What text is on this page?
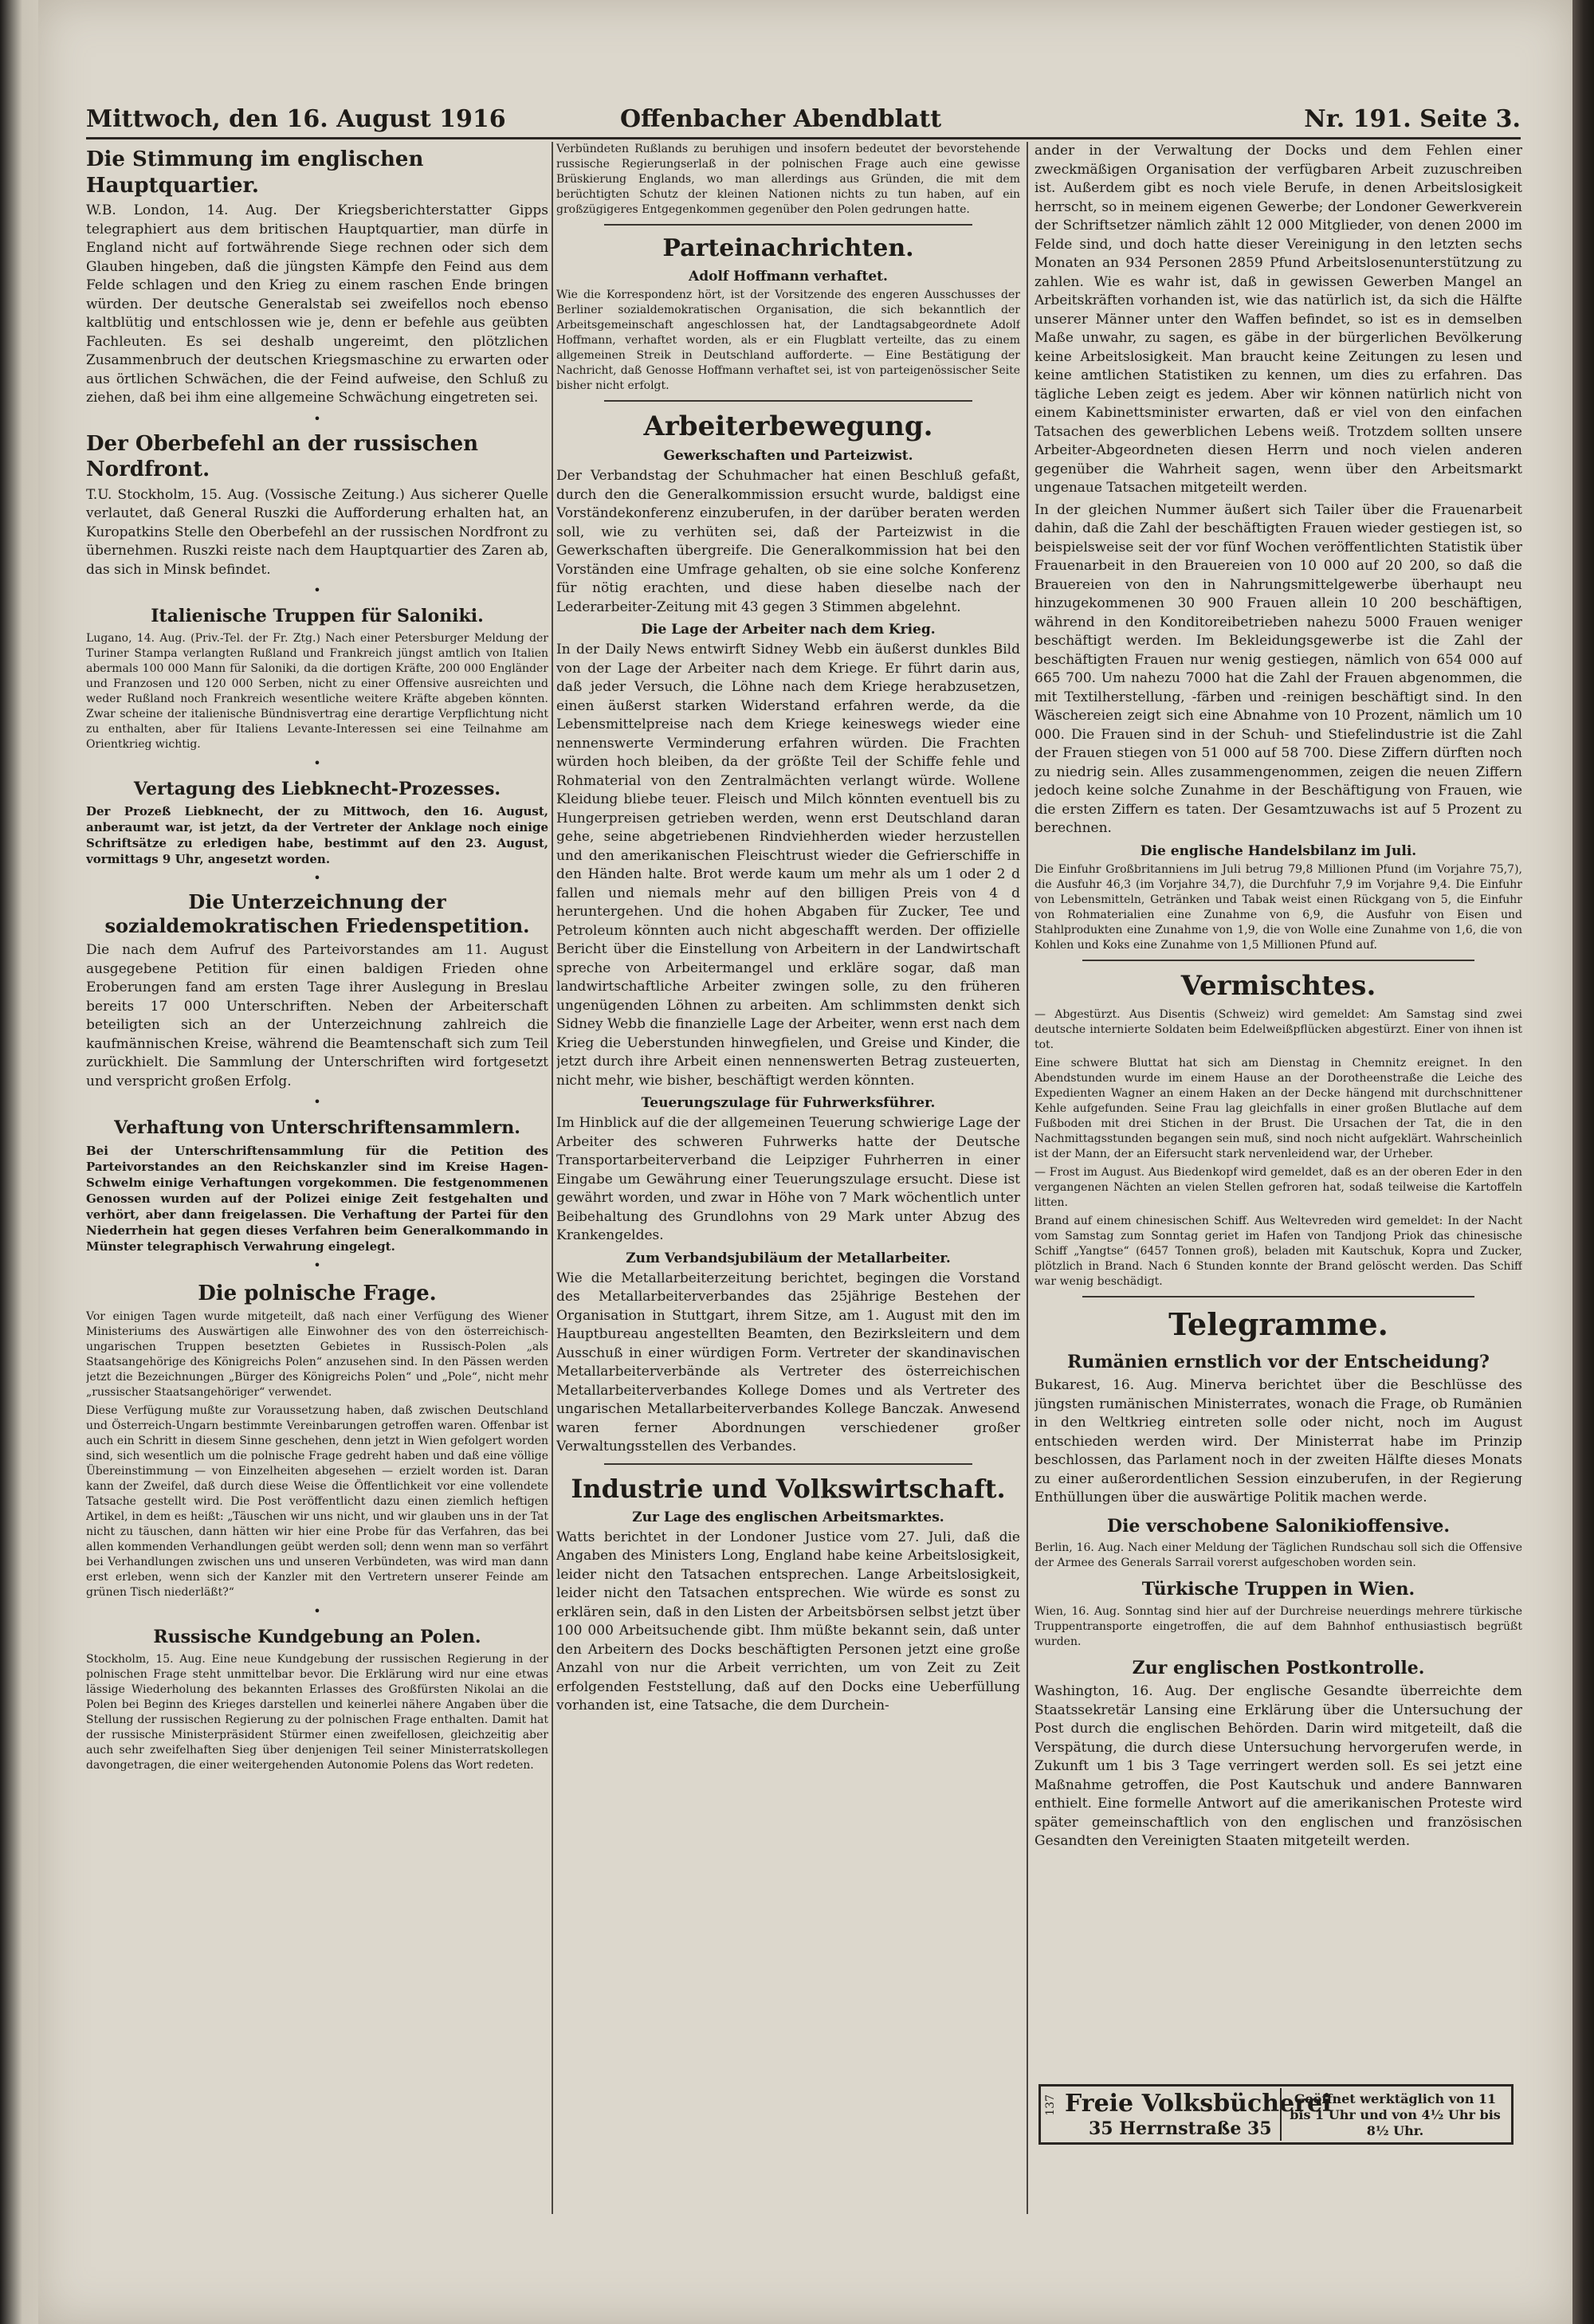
Mittwoch, den 16. August 1916	Offenbacher Abendblatt	Nr. 191. Seite 3.
Die Stimmung im englischen Hauptquartier.

W.B. London, 14. Aug. Der Kriegsberichterstatter Gipps telegraphiert aus dem britischen Hauptquartier, man dürfe in England nicht auf fortwährende Siege rechnen oder sich dem Glauben hingeben, daß die jüngsten Kämpfe den Feind aus dem Felde schlagen und den Krieg zu einem raschen Ende bringen würden. Der deutsche Generalstab sei zweifellos noch ebenso kaltblütig und entschlossen wie je, denn er befehle aus geübten Fachleuten. Es sei deshalb ungereimt, den plötzlichen Zusammenbruch der deutschen Kriegsmaschine zu erwarten oder aus örtlichen Schwächen, die der Feind aufweise, den Schluß zu ziehen, daß bei ihm eine allgemeine Schwächung eingetreten sei.

•
Der Oberbefehl an der russischen Nordfront.

T.U. Stockholm, 15. Aug. (Vossische Zeitung.) Aus sicherer Quelle verlautet, daß General Ruszki die Aufforderung erhalten hat, an Kuropatkins Stelle den Oberbefehl an der russischen Nordfront zu übernehmen. Ruszki reiste nach dem Hauptquartier des Zaren ab, das sich in Minsk befindet.

•
Italienische Truppen für Saloniki.

Lugano, 14. Aug. (Priv.-Tel. der Fr. Ztg.) Nach einer Petersburger Meldung der Turiner Stampa verlangten Rußland und Frankreich jüngst amtlich von Italien abermals 100 000 Mann für Saloniki, da die dortigen Kräfte, 200 000 Engländer und Franzosen und 120 000 Serben, nicht zu einer Offensive ausreichten und weder Rußland noch Frankreich wesentliche weitere Kräfte abgeben könnten. Zwar scheine der italienische Bündnisvertrag eine derartige Verpflichtung nicht zu enthalten, aber für Italiens Levante-Interessen sei eine Teilnahme am Orientkrieg wichtig.

•
Vertagung des Liebknecht-Prozesses.

Der Prozeß Liebknecht, der zu Mittwoch, den 16. August, anberaumt war, ist jetzt, da der Vertreter der Anklage noch einige Schriftsätze zu erledigen habe, bestimmt auf den 23. August, vormittags 9 Uhr, angesetzt worden.

•
Die Unterzeichnung der sozialdemokratischen Friedenspetition.

Die nach dem Aufruf des Parteivorstandes am 11. August ausgegebene Petition für einen baldigen Frieden ohne Eroberungen fand am ersten Tage ihrer Auslegung in Breslau bereits 17 000 Unterschriften. Neben der Arbeiterschaft beteiligten sich an der Unterzeichnung zahlreich die kaufmännischen Kreise, während die Beamtenschaft sich zum Teil zurückhielt. Die Sammlung der Unterschriften wird fortgesetzt und verspricht großen Erfolg.

•
Verhaftung von Unterschriftensammlern.

Bei der Unterschriftensammlung für die Petition des Parteivorstandes an den Reichskanzler sind im Kreise Hagen-Schwelm einige Verhaftungen vorgekommen. Die festgenommenen Genossen wurden auf der Polizei einige Zeit festgehalten und verhört, aber dann freigelassen. Die Verhaftung der Partei für den Niederrhein hat gegen dieses Verfahren beim Generalkommando in Münster telegraphisch Verwahrung eingelegt.

•
Die polnische Frage.

Vor einigen Tagen wurde mitgeteilt, daß nach einer Verfügung des Wiener Ministeriums des Auswärtigen alle Einwohner des von den österreichisch-ungarischen Truppen besetzten Gebietes in Russisch-Polen „als Staatsangehörige des Königreichs Polen“ anzusehen sind. In den Pässen werden jetzt die Bezeichnungen „Bürger des Königreichs Polen“ und „Pole“, nicht mehr „russischer Staatsangehöriger“ verwendet.

Diese Verfügung mußte zur Voraussetzung haben, daß zwischen Deutschland und Österreich-Ungarn bestimmte Vereinbarungen getroffen waren. Offenbar ist auch ein Schritt in diesem Sinne geschehen, denn jetzt in Wien gefolgert worden sind, sich wesentlich um die polnische Frage gedreht haben und daß eine völlige Übereinstimmung — von Einzelheiten abgesehen — erzielt worden ist. Daran kann der Zweifel, daß durch diese Weise die Öffentlichkeit vor eine vollendete Tatsache gestellt wird. Die Post veröffentlicht dazu einen ziemlich heftigen Artikel, in dem es heißt: „Täuschen wir uns nicht, und wir glauben uns in der Tat nicht zu täuschen, dann hätten wir hier eine Probe für das Verfahren, das bei allen kommenden Verhandlungen geübt werden soll; denn wenn man so verfährt bei Verhandlungen zwischen uns und unseren Verbündeten, was wird man dann erst erleben, wenn sich der Kanzler mit den Vertretern unserer Feinde am grünen Tisch niederläßt?“

•
Russische Kundgebung an Polen.

Stockholm, 15. Aug. Eine neue Kundgebung der russischen Regierung in der polnischen Frage steht unmittelbar bevor. Die Erklärung wird nur eine etwas lässige Wiederholung des bekannten Erlasses des Großfürsten Nikolai an die Polen bei Beginn des Krieges darstellen und keinerlei nähere Angaben über die Stellung der russischen Regierung zu der polnischen Frage enthalten. Damit hat der russische Ministerpräsident Stürmer einen zweifellosen, gleichzeitig aber auch sehr zweifelhaften Sieg über denjenigen Teil seiner Ministerratskollegen davongetragen, die einer weitergehenden Autonomie Polens das Wort redeten.

Verbündeten Rußlands zu beruhigen und insofern bedeutet der bevorstehende russische Regierungserlaß in der polnischen Frage auch eine gewisse Brüskierung Englands, wo man allerdings aus Gründen, die mit dem berüchtigten Schutz der kleinen Nationen nichts zu tun haben, auf ein großzügigeres Entgegenkommen gegenüber den Polen gedrungen hatte.

Parteinachrichten.
Adolf Hoffmann verhaftet.

Wie die Korrespondenz hört, ist der Vorsitzende des engeren Ausschusses der Berliner sozialdemokratischen Organisation, die sich bekanntlich der Arbeitsgemeinschaft angeschlossen hat, der Landtagsabgeordnete Adolf Hoffmann, verhaftet worden, als er ein Flugblatt verteilte, das zu einem allgemeinen Streik in Deutschland aufforderte. — Eine Bestätigung der Nachricht, daß Genosse Hoffmann verhaftet sei, ist von parteigenössischer Seite bisher nicht erfolgt.

Arbeiterbewegung.
Gewerkschaften und Parteizwist.

Der Verbandstag der Schuhmacher hat einen Beschluß gefaßt, durch den die Generalkommission ersucht wurde, baldigst eine Vorständekonferenz einzuberufen, in der darüber beraten werden soll, wie zu verhüten sei, daß der Parteizwist in die Gewerkschaften übergreife. Die Generalkommission hat bei den Vorständen eine Umfrage gehalten, ob sie eine solche Konferenz für nötig erachten, und diese haben dieselbe nach der Lederarbeiter-Zeitung mit 43 gegen 3 Stimmen abgelehnt.

Die Lage der Arbeiter nach dem Krieg.

In der Daily News entwirft Sidney Webb ein äußerst dunkles Bild von der Lage der Arbeiter nach dem Kriege. Er führt darin aus, daß jeder Versuch, die Löhne nach dem Kriege herabzusetzen, einen äußerst starken Widerstand erfahren werde, da die Lebensmittelpreise nach dem Kriege keineswegs wieder eine nennenswerte Verminderung erfahren würden. Die Frachten würden hoch bleiben, da der größte Teil der Schiffe fehle und Rohmaterial von den Zentralmächten verlangt würde. Wollene Kleidung bliebe teuer. Fleisch und Milch könnten eventuell bis zu Hungerpreisen getrieben werden, wenn erst Deutschland daran gehe, seine abgetriebenen Rindviehherden wieder herzustellen und den amerikanischen Fleischtrust wieder die Gefrierschiffe in den Händen halte. Brot werde kaum um mehr als um 1 oder 2 d fallen und niemals mehr auf den billigen Preis von 4 d heruntergehen. Und die hohen Abgaben für Zucker, Tee und Petroleum könnten auch nicht abgeschafft werden. Der offizielle Bericht über die Einstellung von Arbeitern in der Landwirtschaft spreche von Arbeitermangel und erkläre sogar, daß man landwirtschaftliche Arbeiter zwingen solle, zu den früheren ungenügenden Löhnen zu arbeiten. Am schlimmsten denkt sich Sidney Webb die finanzielle Lage der Arbeiter, wenn erst nach dem Krieg die Ueberstunden hinwegfielen, und Greise und Kinder, die jetzt durch ihre Arbeit einen nennenswerten Betrag zusteuerten, nicht mehr, wie bisher, beschäftigt werden könnten.

Teuerungszulage für Fuhrwerksführer.

Im Hinblick auf die der allgemeinen Teuerung schwierige Lage der Arbeiter des schweren Fuhrwerks hatte der Deutsche Transportarbeiterverband die Leipziger Fuhrherren in einer Eingabe um Gewährung einer Teuerungszulage ersucht. Diese ist gewährt worden, und zwar in Höhe von 7 Mark wöchentlich unter Beibehaltung des Grundlohns von 29 Mark unter Abzug des Krankengeldes.

Zum Verbandsjubiläum der Metallarbeiter.

Wie die Metallarbeiterzeitung berichtet, begingen die Vorstand des Metallarbeiterverbandes das 25jährige Bestehen der Organisation in Stuttgart, ihrem Sitze, am 1. August mit den im Hauptbureau angestellten Beamten, den Bezirksleitern und dem Ausschuß in einer würdigen Form. Vertreter der skandinavischen Metallarbeiterverbände als Vertreter des österreichischen Metallarbeiterverbandes Kollege Domes und als Vertreter des ungarischen Metallarbeiterverbandes Kollege Banczak. Anwesend waren ferner Abordnungen verschiedener großer Verwaltungsstellen des Verbandes.

Industrie und Volkswirtschaft.
Zur Lage des englischen Arbeitsmarktes.

Watts berichtet in der Londoner Justice vom 27. Juli, daß die Angaben des Ministers Long, England habe keine Arbeitslosigkeit, leider nicht den Tatsachen entsprechen. Lange Arbeitslosigkeit, leider nicht den Tatsachen entsprechen. Wie würde es sonst zu erklären sein, daß in den Listen der Arbeitsbörsen selbst jetzt über 100 000 Arbeitsuchende gibt. Ihm müßte bekannt sein, daß unter den Arbeitern des Docks beschäftigten Personen jetzt eine große Anzahl von nur die Arbeit verrichten, um von Zeit zu Zeit erfolgenden Feststellung, daß auf den Docks eine Ueberfüllung vorhanden ist, eine Tatsache, die dem Durchein-

ander in der Verwaltung der Docks und dem Fehlen einer zweckmäßigen Organisation der verfügbaren Arbeit zuzuschreiben ist. Außerdem gibt es noch viele Berufe, in denen Arbeitslosigkeit herrscht, so in meinem eigenen Gewerbe; der Londoner Gewerkverein der Schriftsetzer nämlich zählt 12 000 Mitglieder, von denen 2000 im Felde sind, und doch hatte dieser Vereinigung in den letzten sechs Monaten an 934 Personen 2859 Pfund Arbeitslosenunterstützung zu zahlen. Wie es wahr ist, daß in gewissen Gewerben Mangel an Arbeitskräften vorhanden ist, wie das natürlich ist, da sich die Hälfte unserer Männer unter den Waffen befindet, so ist es in demselben Maße unwahr, zu sagen, es gäbe in der bürgerlichen Bevölkerung keine Arbeitslosigkeit. Man braucht keine Zeitungen zu lesen und keine amtlichen Statistiken zu kennen, um dies zu erfahren. Das tägliche Leben zeigt es jedem. Aber wir können natürlich nicht von einem Kabinettsminister erwarten, daß er viel von den einfachen Tatsachen des gewerblichen Lebens weiß. Trotzdem sollten unsere Arbeiter-Abgeordneten diesen Herrn und noch vielen anderen gegenüber die Wahrheit sagen, wenn über den Arbeitsmarkt ungenaue Tatsachen mitgeteilt werden.

In der gleichen Nummer äußert sich Tailer über die Frauenarbeit dahin, daß die Zahl der beschäftigten Frauen wieder gestiegen ist, so beispielsweise seit der vor fünf Wochen veröffentlichten Statistik über Frauenarbeit in den Brauereien von 10 000 auf 20 200, so daß die Brauereien von den in Nahrungsmittelgewerbe überhaupt neu hinzugekommenen 30 900 Frauen allein 10 200 beschäftigen, während in den Konditoreibetrieben nahezu 5000 Frauen weniger beschäftigt werden. Im Bekleidungsgewerbe ist die Zahl der beschäftigten Frauen nur wenig gestiegen, nämlich von 654 000 auf 665 700. Um nahezu 7000 hat die Zahl der Frauen abgenommen, die mit Textilherstellung, -färben und -reinigen beschäftigt sind. In den Wäschereien zeigt sich eine Abnahme von 10 Prozent, nämlich um 10 000. Die Frauen sind in der Schuh- und Stiefelindustrie ist die Zahl der Frauen stiegen von 51 000 auf 58 700. Diese Ziffern dürften noch zu niedrig sein. Alles zusammengenommen, zeigen die neuen Ziffern jedoch keine solche Zunahme in der Beschäftigung von Frauen, wie die ersten Ziffern es taten. Der Gesamtzuwachs ist auf 5 Prozent zu berechnen.

Die englische Handelsbilanz im Juli.

Die Einfuhr Großbritanniens im Juli betrug 79,8 Millionen Pfund (im Vorjahre 75,7), die Ausfuhr 46,3 (im Vorjahre 34,7), die Durchfuhr 7,9 im Vorjahre 9,4. Die Einfuhr von Lebensmitteln, Getränken und Tabak weist einen Rückgang von 5, die Einfuhr von Rohmaterialien eine Zunahme von 6,9, die Ausfuhr von Eisen und Stahlprodukten eine Zunahme von 1,9, die von Wolle eine Zunahme von 1,6, die von Kohlen und Koks eine Zunahme von 1,5 Millionen Pfund auf.

Vermischtes.

— Abgestürzt. Aus Disentis (Schweiz) wird gemeldet: Am Samstag sind zwei deutsche internierte Soldaten beim Edelweißpflücken abgestürzt. Einer von ihnen ist tot.

Eine schwere Bluttat hat sich am Dienstag in Chemnitz ereignet. In den Abendstunden wurde im einem Hause an der Dorotheenstraße die Leiche des Expedienten Wagner an einem Haken an der Decke hängend mit durchschnittener Kehle aufgefunden. Seine Frau lag gleichfalls in einer großen Blutlache auf dem Fußboden mit drei Stichen in der Brust. Die Ursachen der Tat, die in den Nachmittagsstunden begangen sein muß, sind noch nicht aufgeklärt. Wahrscheinlich ist der Mann, der an Eifersucht stark nervenleidend war, der Urheber.

— Frost im August. Aus Biedenkopf wird gemeldet, daß es an der oberen Eder in den vergangenen Nächten an vielen Stellen gefroren hat, sodaß teilweise die Kartoffeln litten.

Brand auf einem chinesischen Schiff. Aus Weltevreden wird gemeldet: In der Nacht vom Samstag zum Sonntag geriet im Hafen von Tandjong Priok das chinesische Schiff „Yangtse“ (6457 Tonnen groß), beladen mit Kautschuk, Kopra und Zucker, plötzlich in Brand. Nach 6 Stunden konnte der Brand gelöscht werden. Das Schiff war wenig beschädigt.

Telegramme.
Rumänien ernstlich vor der Entscheidung?

Bukarest, 16. Aug. Minerva berichtet über die Beschlüsse des jüngsten rumänischen Ministerrates, wonach die Frage, ob Rumänien in den Weltkrieg eintreten solle oder nicht, noch im August entschieden werden wird. Der Ministerrat habe im Prinzip beschlossen, das Parlament noch in der zweiten Hälfte dieses Monats zu einer außerordentlichen Session einzuberufen, in der Regierung Enthüllungen über die auswärtige Politik machen werde.

Die verschobene Salonikioffensive.

Berlin, 16. Aug. Nach einer Meldung der Täglichen Rundschau soll sich die Offensive der Armee des Generals Sarrail vorerst aufgeschoben worden sein.

Türkische Truppen in Wien.

Wien, 16. Aug. Sonntag sind hier auf der Durchreise neuerdings mehrere türkische Truppentransporte eingetroffen, die auf dem Bahnhof enthusiastisch begrüßt wurden.

Zur englischen Postkontrolle.

Washington, 16. Aug. Der englische Gesandte überreichte dem Staatssekretär Lansing eine Erklärung über die Untersuchung der Post durch die englischen Behörden. Darin wird mitgeteilt, daß die Verspätung, die durch diese Untersuchung hervorgerufen werde, in Zukunft um 1 bis 3 Tage verringert werden soll. Es sei jetzt eine Maßnahme getroffen, die Post Kautschuk und andere Bannwaren enthielt. Eine formelle Antwort auf die amerikanischen Proteste wird später gemeinschaftlich von den englischen und französischen Gesandten den Vereinigten Staaten mitgeteilt werden.

137 Freie Volksbücherei
35 Herrnstraße 35
Geöffnet werktäglich von 11 bis 1 Uhr und von 4½ Uhr bis 8½ Uhr.
